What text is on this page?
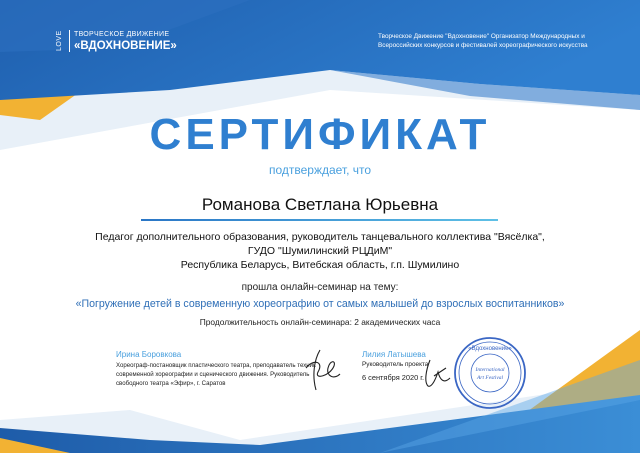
LOVE	ТВОРЧЕСКОЕ ДВИЖЕНИЕ
«ВДОХНОВЕНИЕ»
Творческое Движение "Вдохновение" Организатор Международных и Всероссийских конкурсов и фестивалей хореографического искусства
СЕРТИФИКАТ
подтверждает, что
Романова Светлана Юрьевна
Педагог дополнительного образования, руководитель танцевального коллектива "Вясёлка",
ГУДО "Шумилинский РЦДиМ"
Республика Беларусь, Витебская область, г.п. Шумилино
прошла онлайн-семинар на тему:
«Погружение детей в современную хореографию от самых малышей до взрослых воспитанников»
Продолжительность онлайн-семинара: 2 академических часа
Ирина Боровкова
Хореограф-постановщик пластического театра, преподаватель техник современной хореографии и сценического движения. Руководитель свободного театра «Эфир», г. Саратов
Лилия Латышева
Руководитель проекта
6 сентября 2020 г.
«Вдохновение»
International
Art Festival
